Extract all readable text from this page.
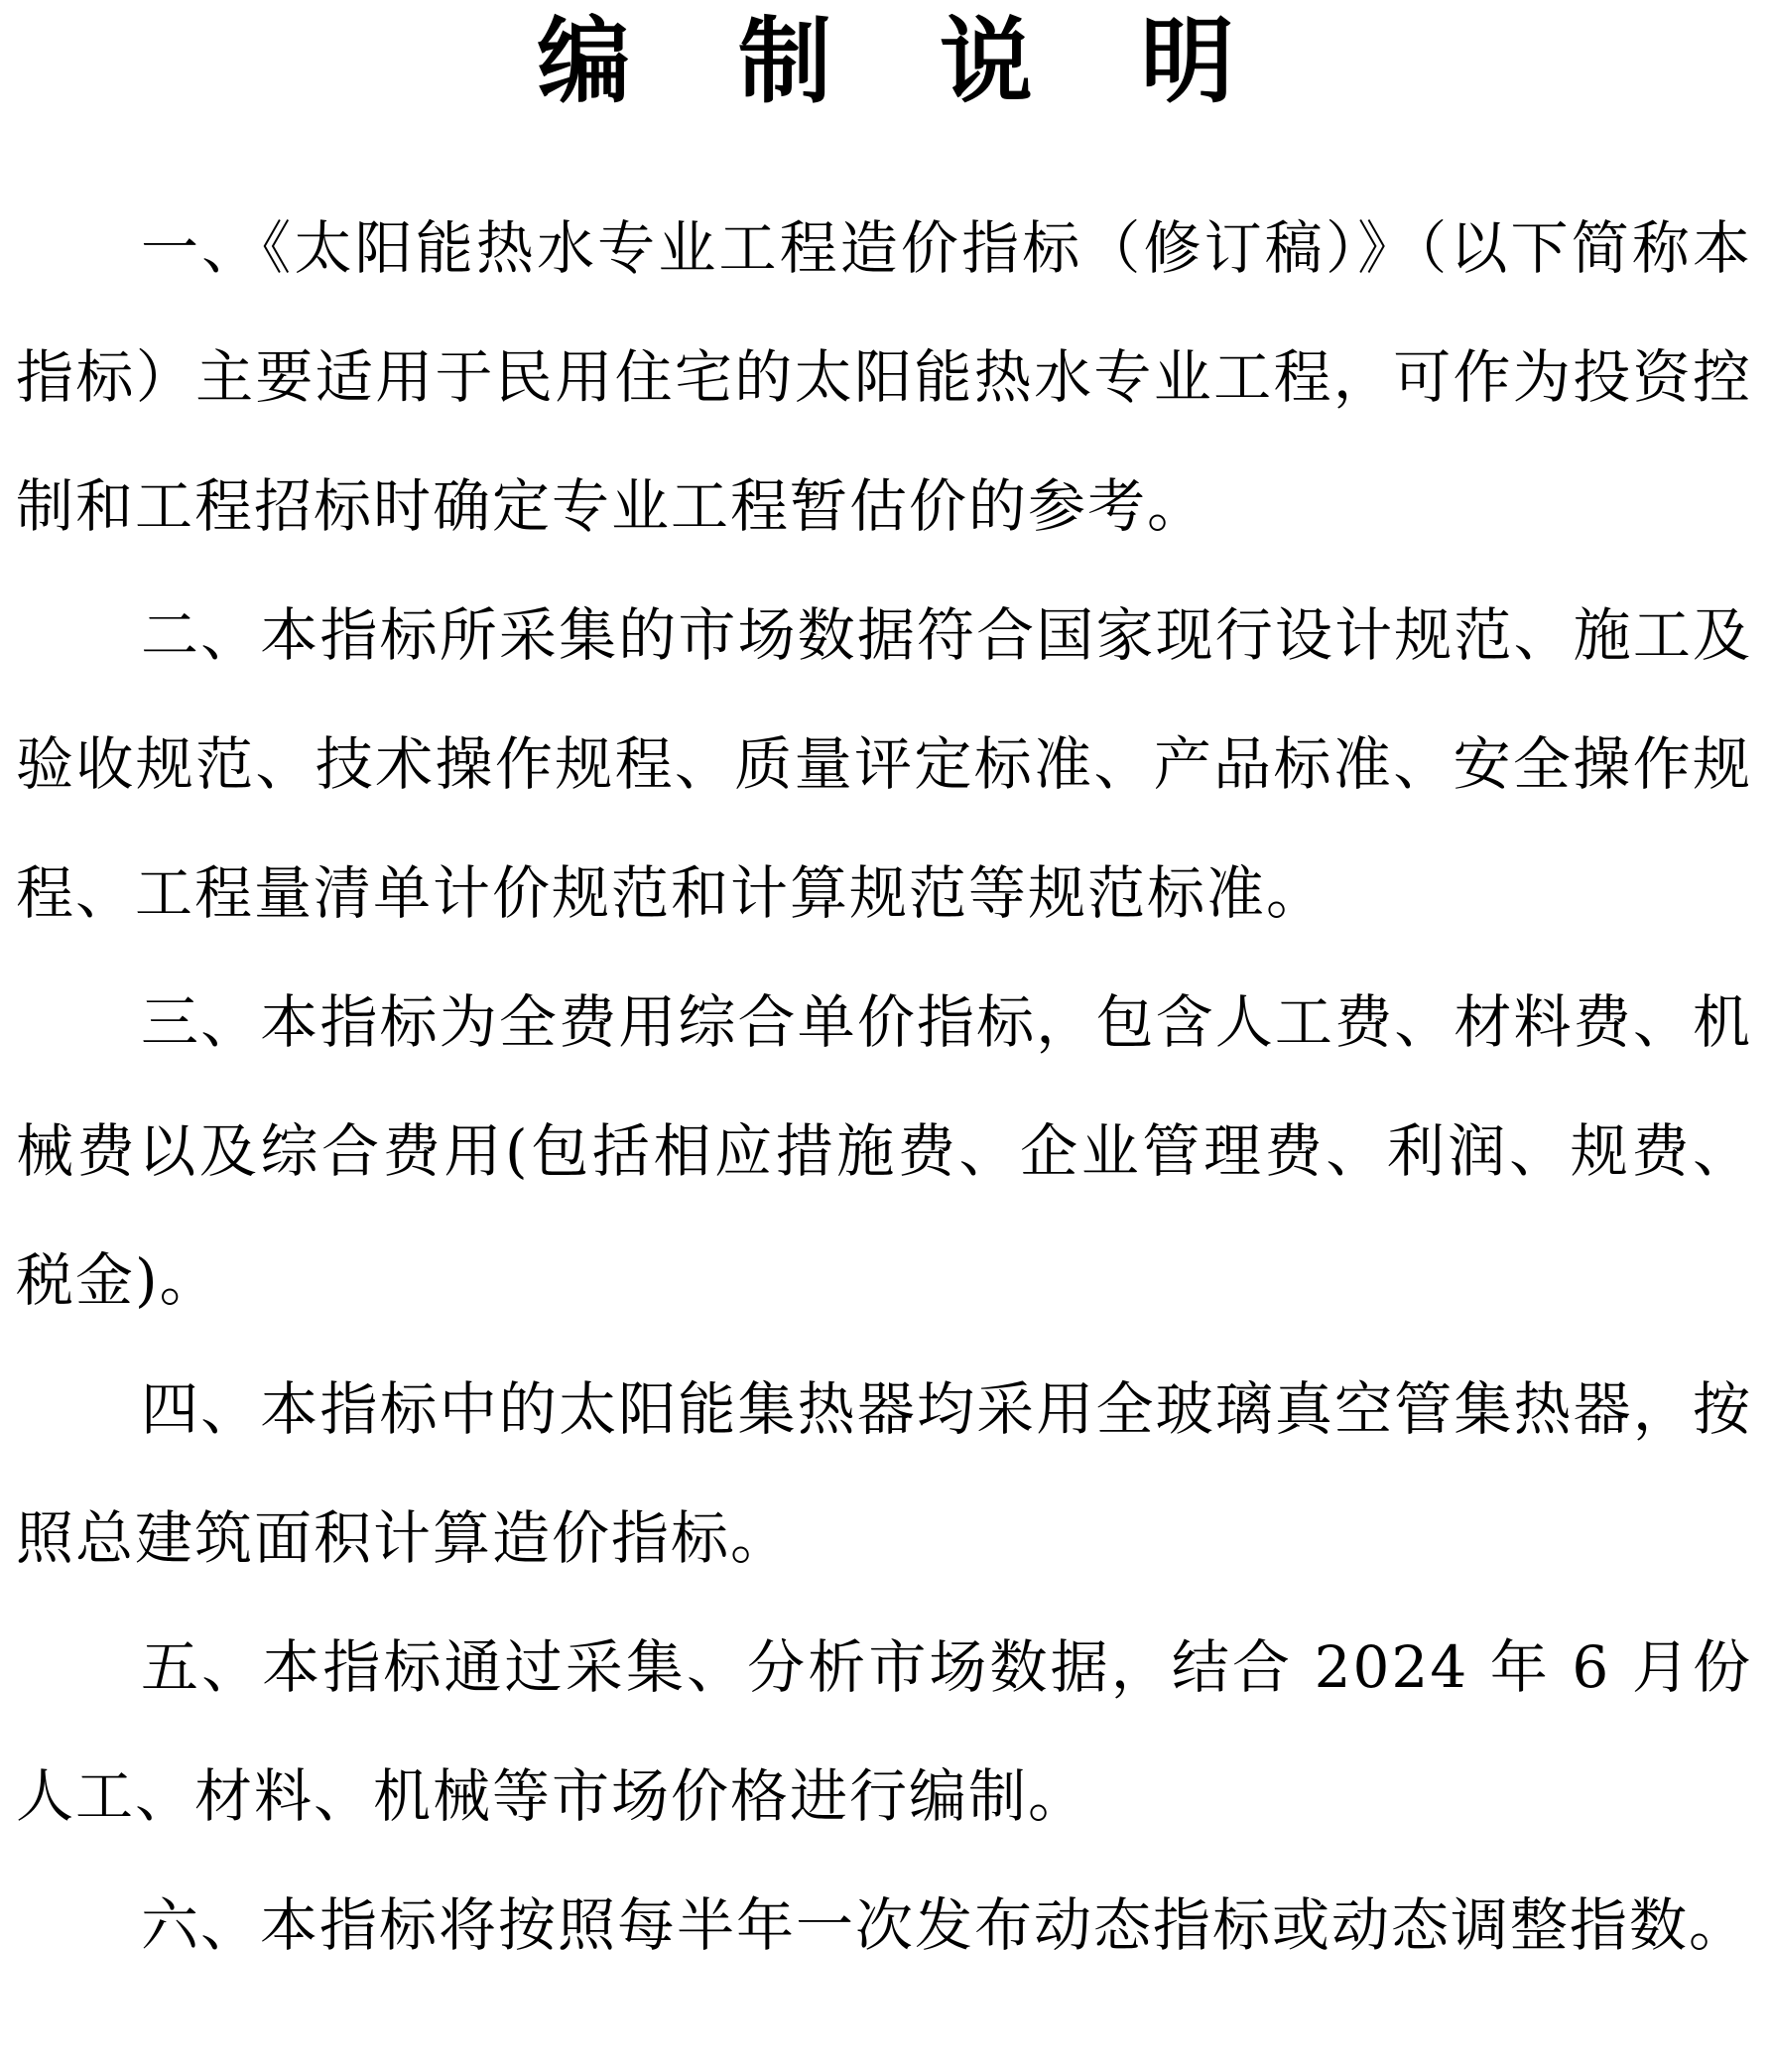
编 制 说 明

一、《太阳能热水专业工程造价指标（修订稿）》（以下简称本指标）主要适用于民用住宅的太阳能热水专业工程，可作为投资控制和工程招标时确定专业工程暂估价的参考。

二、本指标所采集的市场数据符合国家现行设计规范、施工及验收规范、技术操作规程、质量评定标准、产品标准、安全操作规程、工程量清单计价规范和计算规范等规范标准。

三、本指标为全费用综合单价指标，包含人工费、材料费、机械费以及综合费用(包括相应措施费、企业管理费、利润、规费、税金)。

四、本指标中的太阳能集热器均采用全玻璃真空管集热器，按照总建筑面积计算造价指标。

五、本指标通过采集、分析市场数据，结合 2024 年 6 月份人工、材料、机械等市场价格进行编制。

六、本指标将按照每半年一次发布动态指标或动态调整指数。
